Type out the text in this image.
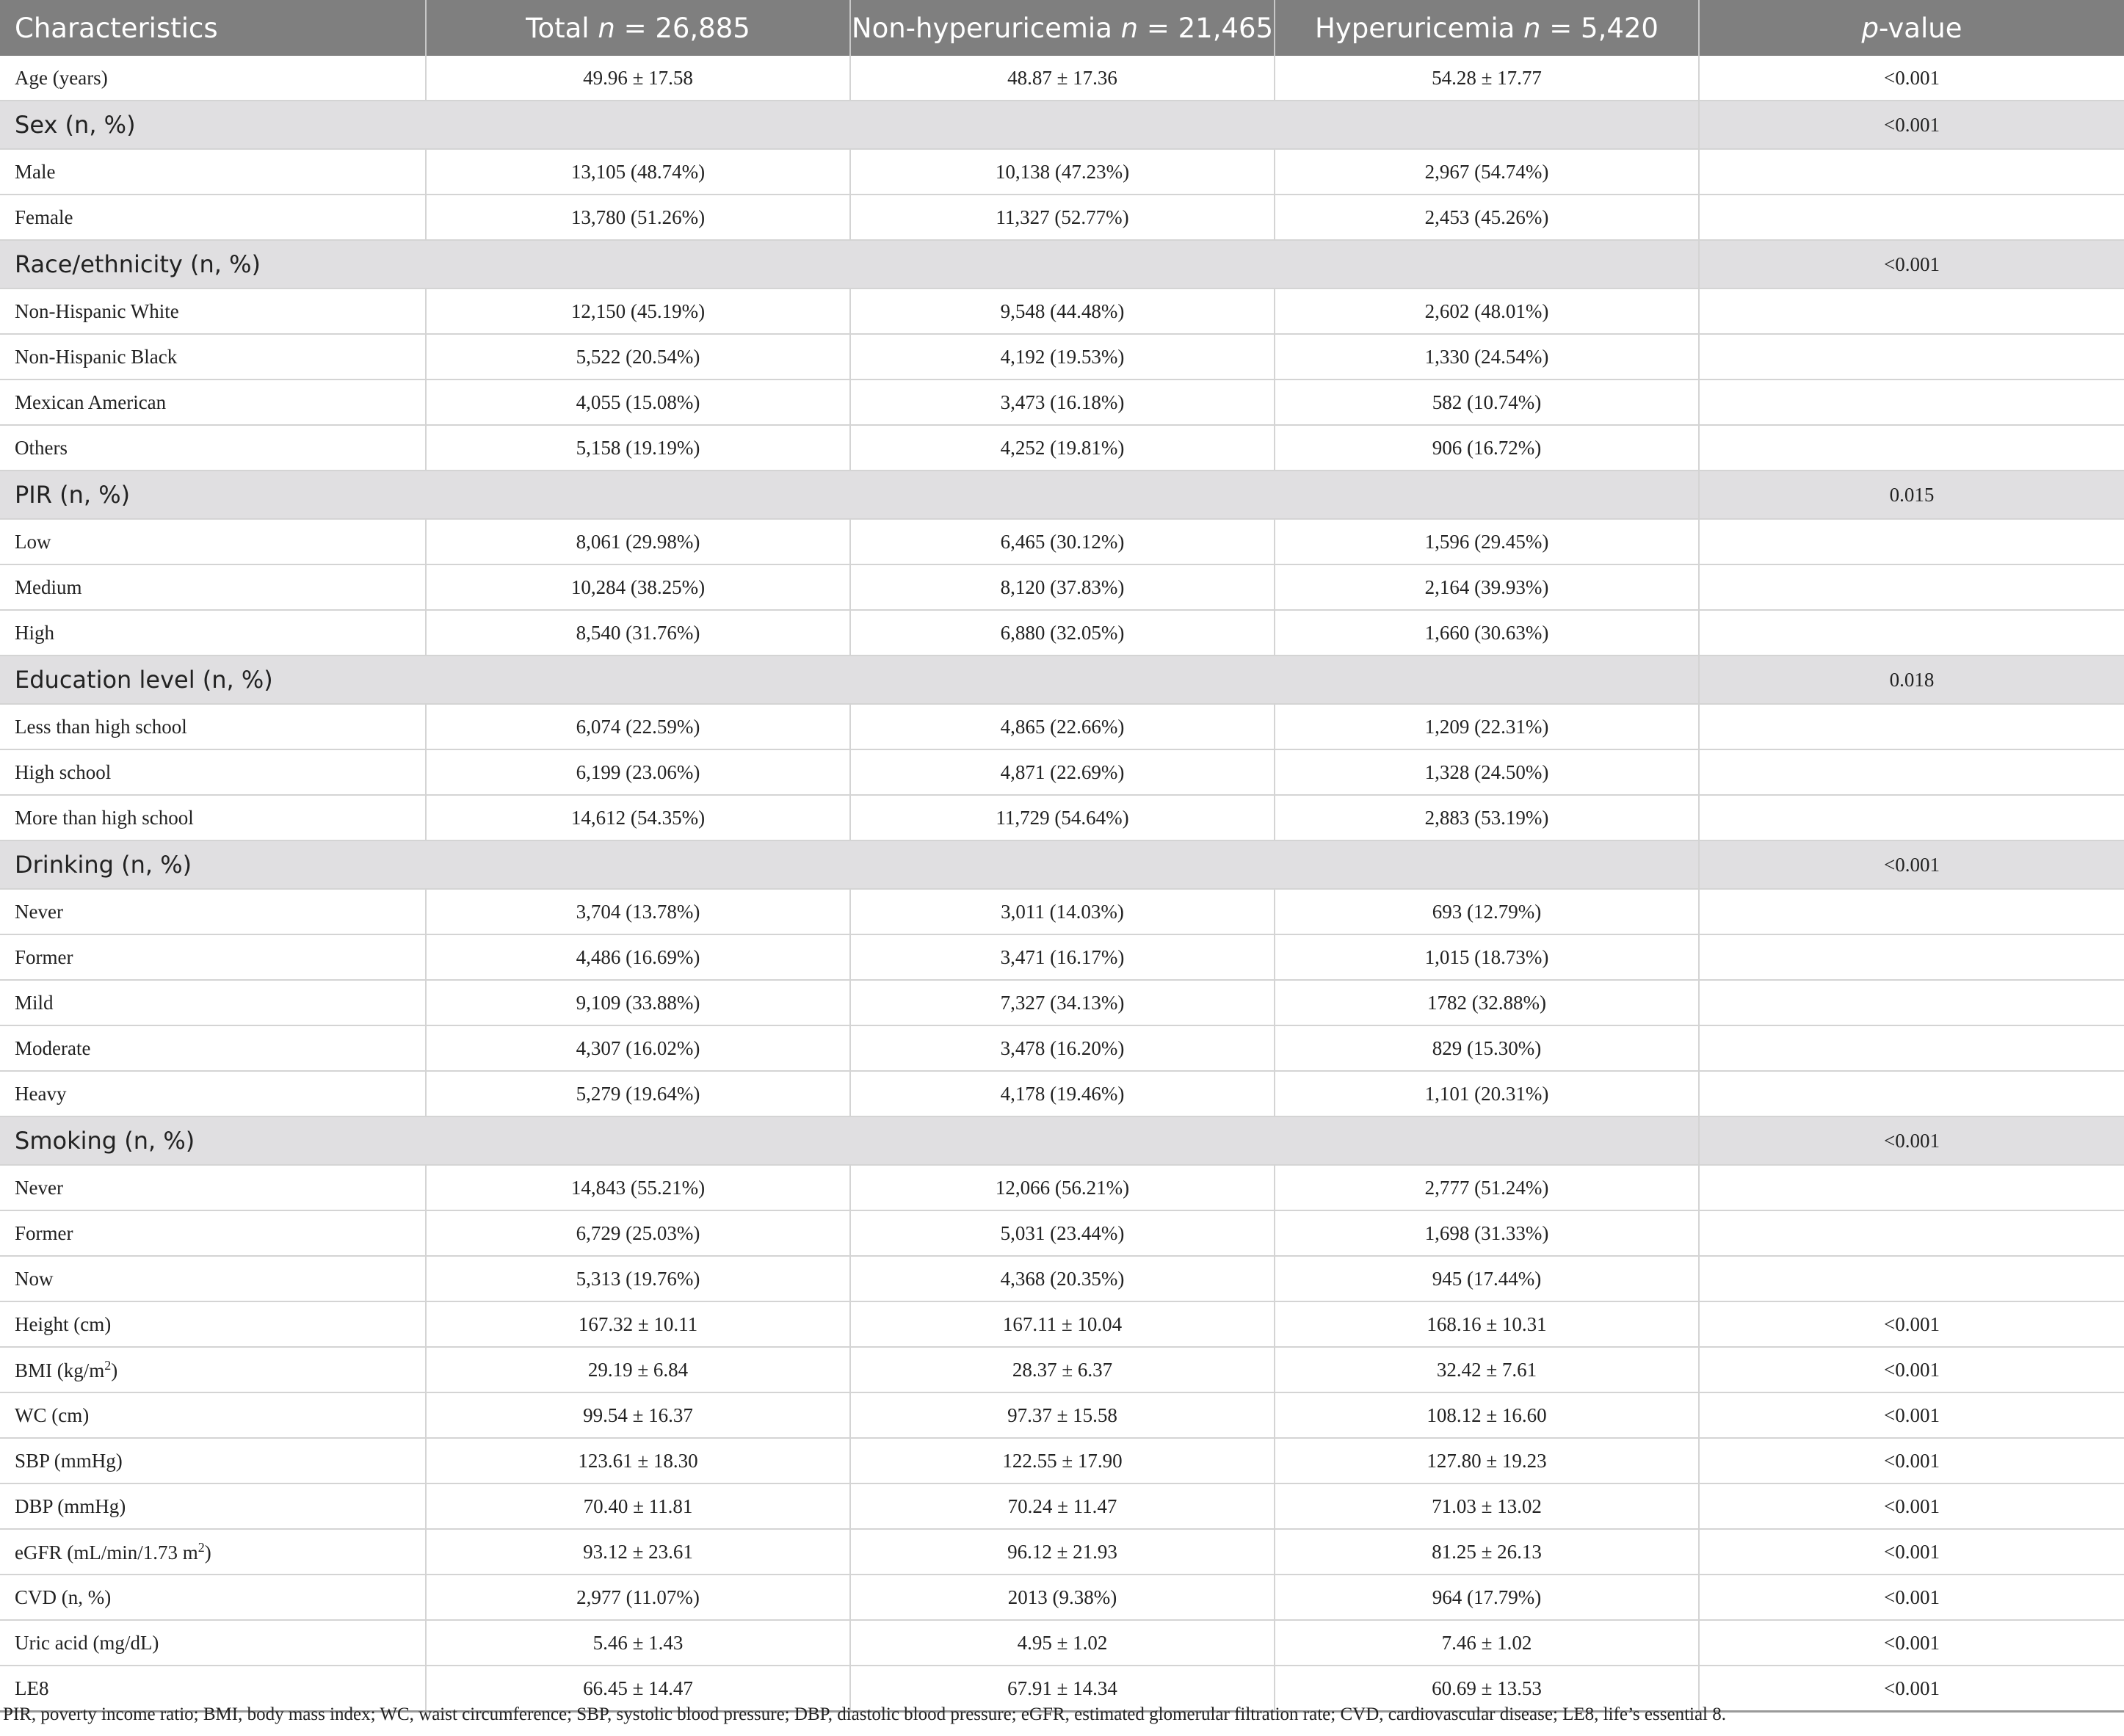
Characteristics	Total n = 26,885	Non-hyperuricemia n = 21,465	Hyperuricemia n = 5,420	p-value
Age (years)	49.96 ± 17.58	48.87 ± 17.36	54.28 ± 17.77	<0.001
Sex (n, %)				<0.001
Male	13,105 (48.74%)	10,138 (47.23%)	2,967 (54.74%)	
Female	13,780 (51.26%)	11,327 (52.77%)	2,453 (45.26%)	
Race/ethnicity (n, %)				<0.001
Non-Hispanic White	12,150 (45.19%)	9,548 (44.48%)	2,602 (48.01%)	
Non-Hispanic Black	5,522 (20.54%)	4,192 (19.53%)	1,330 (24.54%)	
Mexican American	4,055 (15.08%)	3,473 (16.18%)	582 (10.74%)	
Others	5,158 (19.19%)	4,252 (19.81%)	906 (16.72%)	
PIR (n, %)				0.015
Low	8,061 (29.98%)	6,465 (30.12%)	1,596 (29.45%)	
Medium	10,284 (38.25%)	8,120 (37.83%)	2,164 (39.93%)	
High	8,540 (31.76%)	6,880 (32.05%)	1,660 (30.63%)	
Education level (n, %)				0.018
Less than high school	6,074 (22.59%)	4,865 (22.66%)	1,209 (22.31%)	
High school	6,199 (23.06%)	4,871 (22.69%)	1,328 (24.50%)	
More than high school	14,612 (54.35%)	11,729 (54.64%)	2,883 (53.19%)	
Drinking (n, %)				<0.001
Never	3,704 (13.78%)	3,011 (14.03%)	693 (12.79%)	
Former	4,486 (16.69%)	3,471 (16.17%)	1,015 (18.73%)	
Mild	9,109 (33.88%)	7,327 (34.13%)	1782 (32.88%)	
Moderate	4,307 (16.02%)	3,478 (16.20%)	829 (15.30%)	
Heavy	5,279 (19.64%)	4,178 (19.46%)	1,101 (20.31%)	
Smoking (n, %)				<0.001
Never	14,843 (55.21%)	12,066 (56.21%)	2,777 (51.24%)	
Former	6,729 (25.03%)	5,031 (23.44%)	1,698 (31.33%)	
Now	5,313 (19.76%)	4,368 (20.35%)	945 (17.44%)	
Height (cm)	167.32 ± 10.11	167.11 ± 10.04	168.16 ± 10.31	<0.001
BMI $(kg/m^2)$	29.19 ± 6.84	28.37 ± 6.37	32.42 ± 7.61	<0.001
WC (cm)	99.54 ± 16.37	97.37 ± 15.58	108.12 ± 16.60	<0.001
SBP (mmHg)	123.61 ± 18.30	122.55 ± 17.90	127.80 ± 19.23	<0.001
DBP (mmHg)	70.40 ± 11.81	70.24 ± 11.47	71.03 ± 13.02	<0.001
eGFR (mL/min/1.73 $m^2$)	93.12 ± 23.61	96.12 ± 21.93	81.25 ± 26.13	<0.001
CVD (n, %)	2,977 (11.07%)	2013 (9.38%)	964 (17.79%)	<0.001
Uric acid (mg/dL)	5.46 ± 1.43	4.95 ± 1.02	7.46 ± 1.02	<0.001
LE8	66.45 ± 14.47	67.91 ± 14.34	60.69 ± 13.53	<0.001
PIR, poverty income ratio; BMI, body mass index; WC, waist circumference; SBP, systolic blood pressure; DBP, diastolic blood pressure; eGFR, estimated glomerular filtration rate; CVD, cardiovascular disease; LE8, life’s essential 8.
